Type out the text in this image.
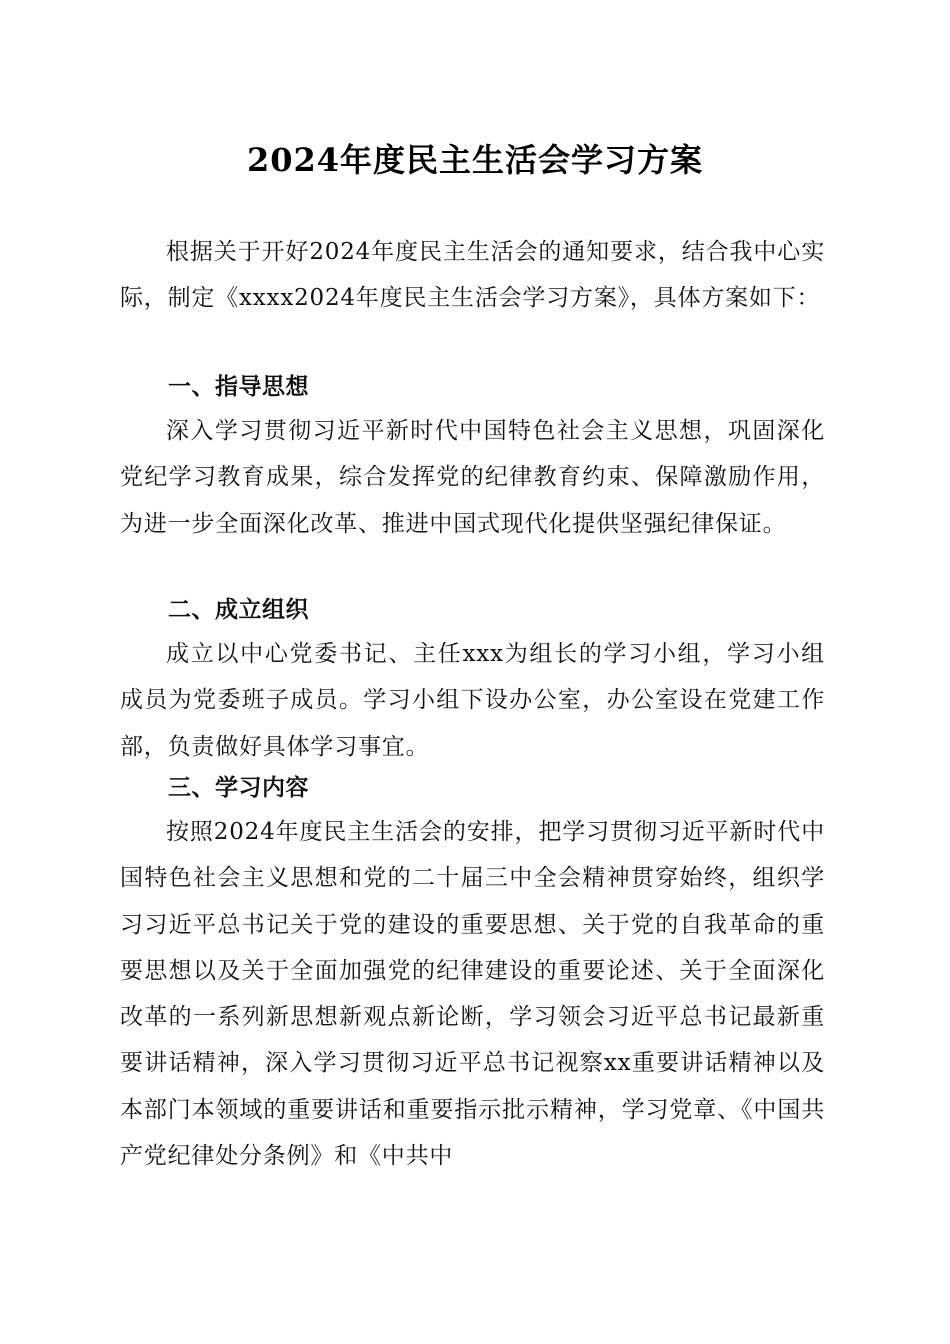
2024年度民主生活会学习方案

根据关于开好2024年度民主生活会的通知要求，结合我中心实际，制定《xxxx2024年度民主生活会学习方案》，具体方案如下：

一、指导思想

深入学习贯彻习近平新时代中国特色社会主义思想，巩固深化党纪学习教育成果，综合发挥党的纪律教育约束、保障激励作用，为进一步全面深化改革、推进中国式现代化提供坚强纪律保证。

二、成立组织

成立以中心党委书记、主任xxx为组长的学习小组，学习小组成员为党委班子成员。学习小组下设办公室，办公室设在党建工作部，负责做好具体学习事宜。

三、学习内容

按照2024年度民主生活会的安排，把学习贯彻习近平新时代中国特色社会主义思想和党的二十届三中全会精神贯穿始终，组织学习习近平总书记关于党的建设的重要思想、关于党的自我革命的重要思想以及关于全面加强党的纪律建设的重要论述、关于全面深化改革的一系列新思想新观点新论断，学习领会习近平总书记最新重要讲话精神，深入学习贯彻习近平总书记视察xx重要讲话精神以及本部门本领域的重要讲话和重要指示批示精神，学习党章、《中国共产党纪律处分条例》和《中共中
